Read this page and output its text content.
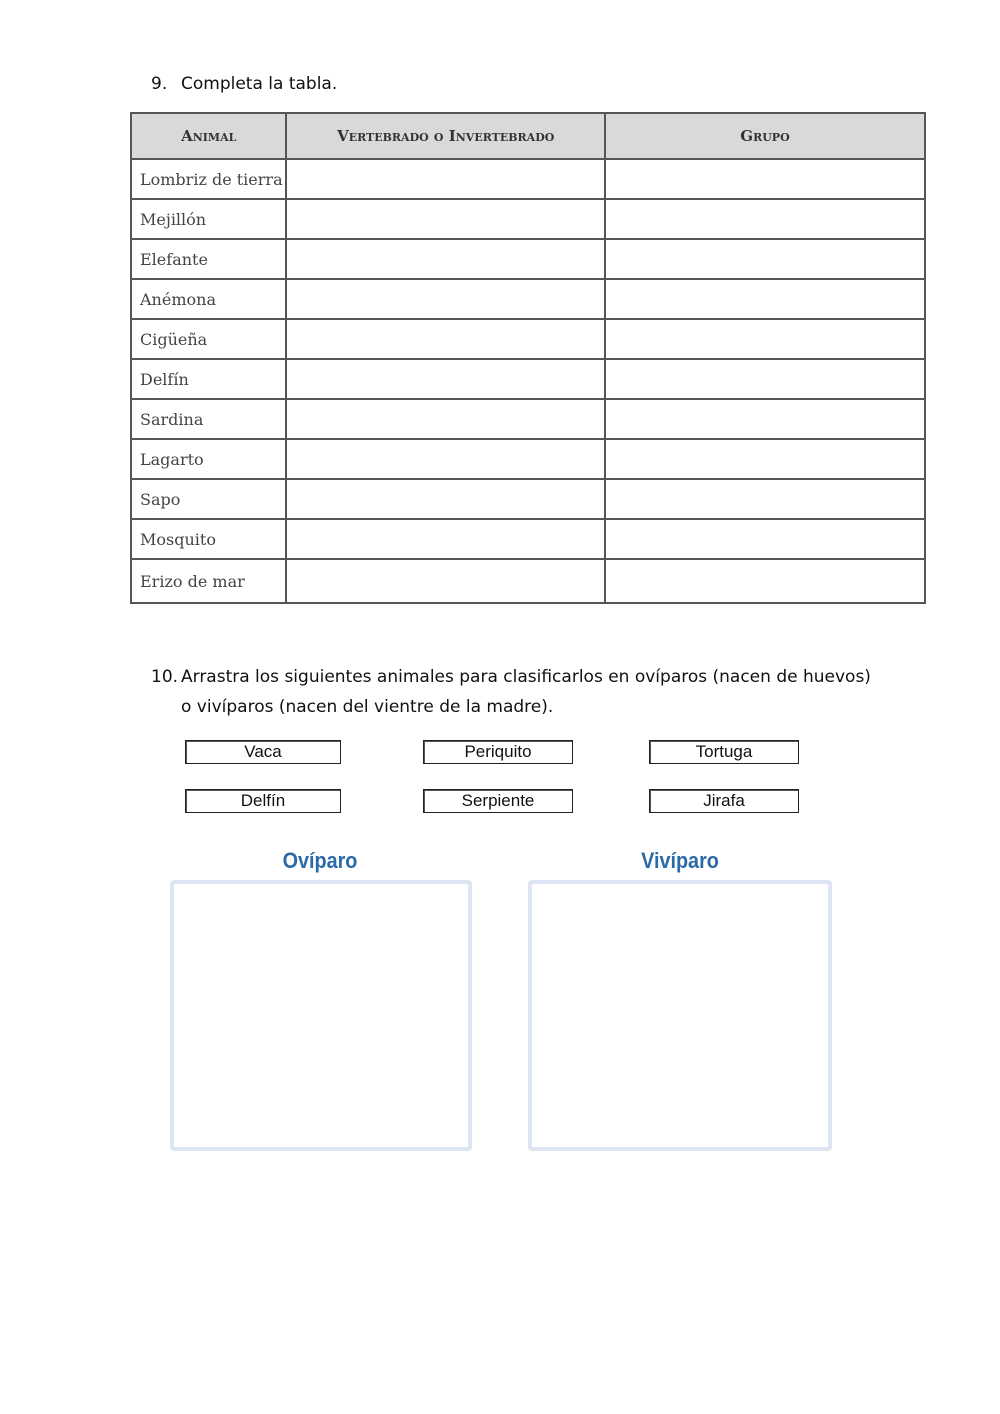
9. Completa la tabla.
Animal	Vertebrado o Invertebrado	Grupo
Lombriz de tierra		
Mejillón		
Elefante		
Anémona		
Cigüeña		
Delfín		
Sardina		
Lagarto		
Sapo		
Mosquito		
Erizo de mar		
10. Arrastra los siguientes animales para clasificarlos en ovíparos (nacen de huevos)
o vivíparos (nacen del vientre de la madre).
Vaca	Periquito	Tortuga
Delfín	Serpiente	Jirafa
Ovíparo	Vivíparo
